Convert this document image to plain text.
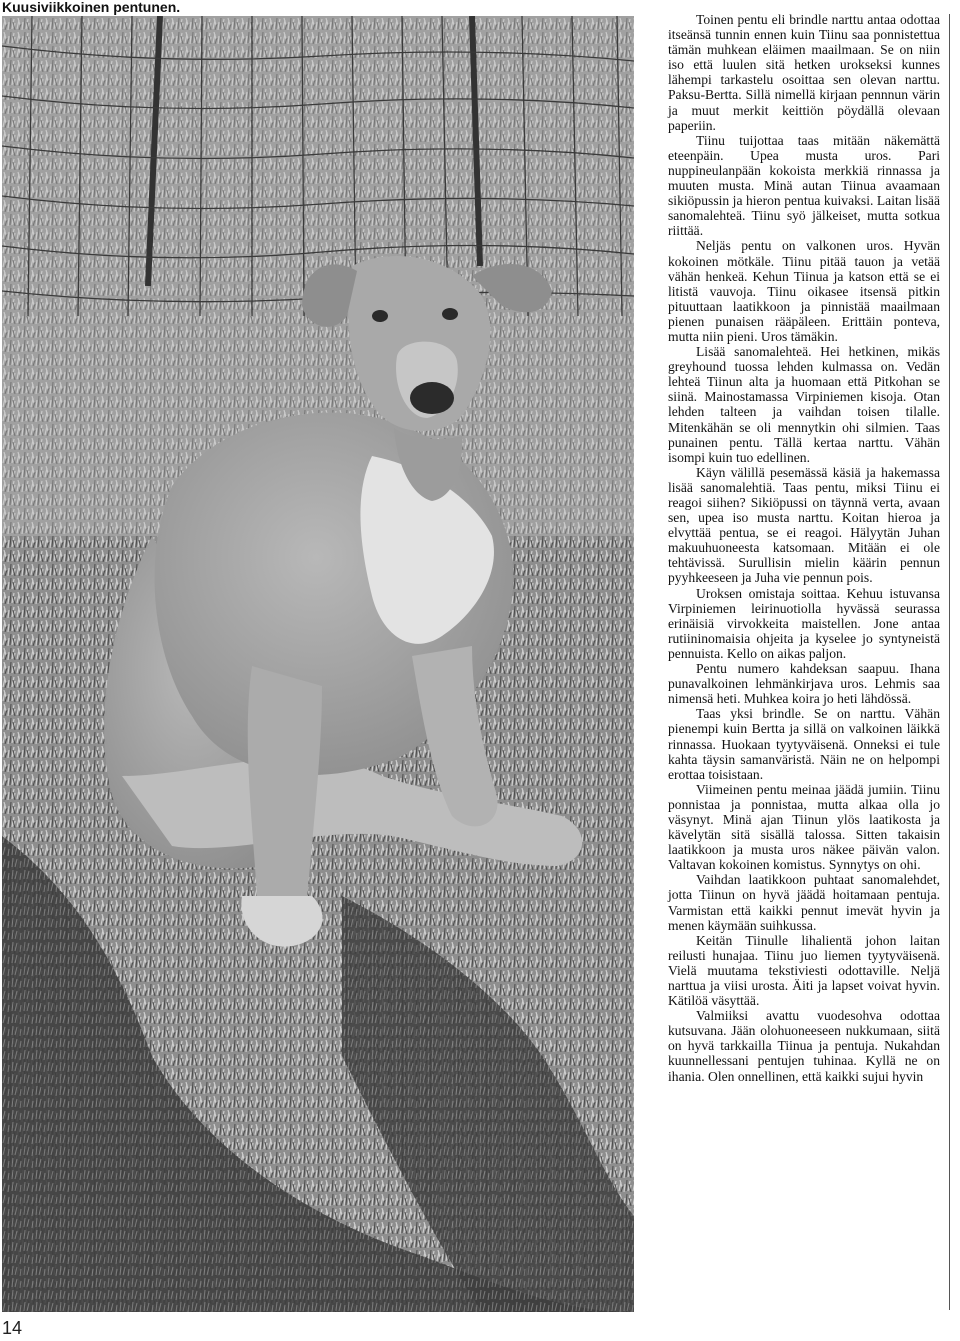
Kuusiviikkoinen pentunen.

Toinen pentu eli brindle narttu antaa odottaa itseänsä tunnin ennen kuin Tiinu saa ponnistettua tämän muhkean eläimen maailmaan. Se on niin iso että luulen sitä hetken urokseksi kunnes lähempi tarkastelu osoittaa sen olevan narttu. Paksu-Bertta. Sillä nimellä kirjaan pennnun värin ja muut merkit keittiön pöydällä olevaan paperiin.

Tiinu tuijottaa taas mitään näkemättä eteenpäin. Upea musta uros. Pari nuppineulanpään kokoista merkkiä rinnassa ja muuten musta. Minä autan Tiinua avaamaan sikiöpussin ja hieron pentua kuivaksi. Laitan lisää sanomalehteä. Tiinu syö jälkeiset, mutta sotkua riittää.

Neljäs pentu on valkonen uros. Hyvän kokoinen mötkäle. Tiinu pitää tauon ja vetää vähän henkeä. Kehun Tiinua ja katson että se ei litistä vauvoja. Tiinu oikasee itsensä pitkin pituuttaan laatikkoon ja pinnistää maailmaan pienen punaisen rääpäleen. Erittäin ponteva, mutta niin pieni. Uros tämäkin.

Lisää sanomalehteä. Hei hetkinen, mikäs greyhound tuossa lehden kulmassa on. Vedän lehteä Tiinun alta ja huomaan että Pitkohan se siinä. Mainostamassa Virpiniemen kisoja. Otan lehden talteen ja vaihdan toisen tilalle. Mitenkähän se oli mennytkin ohi silmien. Taas punainen pentu. Tällä kertaa narttu. Vähän isompi kuin tuo edellinen.

Käyn välillä pesemässä käsiä ja hakemassa lisää sanomalehtiä. Taas pentu, miksi Tiinu ei reagoi siihen? Sikiöpussi on täynnä verta, avaan sen, upea iso musta narttu. Koitan hieroa ja elvyttää pentua, se ei reagoi. Hälyytän Juhan makuuhuoneesta katsomaan. Mitään ei ole tehtävissä. Surullisin mielin käärin pennun pyyhkeeseen ja Juha vie pennun pois.

Uroksen omistaja soittaa. Kehuu istuvansa Virpiniemen leirinuotiolla hyvässä seurassa erinäisiä virvokkeita maistellen. Jone antaa rutiininomaisia ohjeita ja kyselee jo syntyneistä pennuista. Kello on aikas paljon.

Pentu numero kahdeksan saapuu. Ihana punavalkoinen lehmänkirjava uros. Lehmis saa nimensä heti. Muhkea koira jo heti lähdössä.

Taas yksi brindle. Se on narttu. Vähän pienempi kuin Bertta ja sillä on valkoinen läikkä rinnassa. Huokaan tyytyväisenä. Onneksi ei tule kahta täysin samanväristä. Näin ne on helpompi erottaa toisistaan.

Viimeinen pentu meinaa jäädä jumiin. Tiinu ponnistaa ja ponnistaa, mutta alkaa olla jo väsynyt. Minä ajan Tiinun ylös laatikosta ja kävelytän sitä sisällä talossa. Sitten takaisin laatikkoon ja musta uros näkee päivän valon. Valtavan kokoinen komistus. Synnytys on ohi.

Vaihdan laatikkoon puhtaat sanomalehdet, jotta Tiinun on hyvä jäädä hoitamaan pentuja. Varmistan että kaikki pennut imevät hyvin ja menen käymään suihkussa.

Keitän Tiinulle lihalientä johon laitan reilusti hunajaa. Tiinu juo liemen tyytyväisenä. Vielä muutama tekstiviesti odottaville. Neljä narttua ja viisi urosta. Äiti ja lapset voivat hyvin. Kätilöä väsyttää.

Valmiiksi avattu vuodesohva odottaa kutsuvana. Jään olohuoneeseen nukkumaan, siitä on hyvä tarkkailla Tiinua ja pentuja. Nukahdan kuunnellessani pentujen tuhinaa. Kyllä ne on ihania. Olen onnellinen, että kaikki sujui hyvin

14
